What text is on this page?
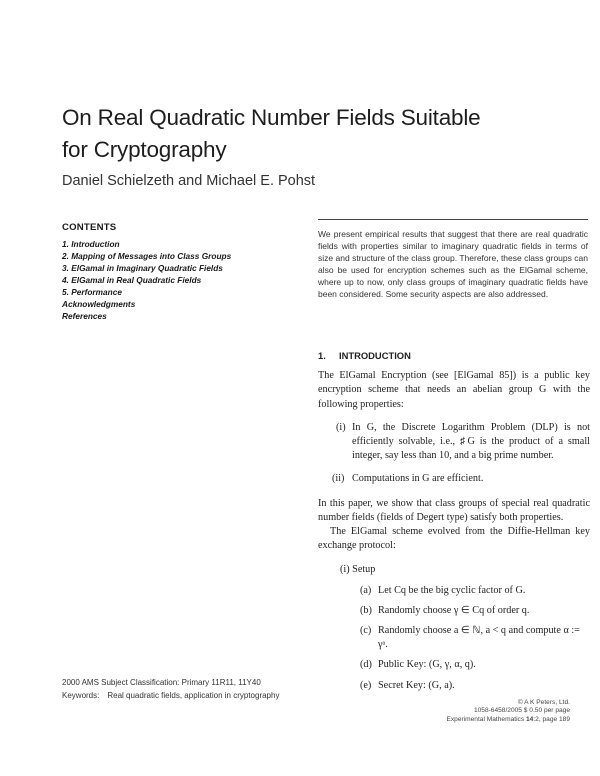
On Real Quadratic Number Fields Suitable
for Cryptography
Daniel Schielzeth and Michael E. Pohst
CONTENTS
1. Introduction
2. Mapping of Messages into Class Groups
3. ElGamal in Imaginary Quadratic Fields
4. ElGamal in Real Quadratic Fields
5. Performance
Acknowledgments
References
We present empirical results that suggest that there are real quadratic fields with properties similar to imaginary quadratic fields in terms of size and structure of the class group. Therefore, these class groups can also be used for encryption schemes such as the ElGamal scheme, where up to now, only class groups of imaginary quadratic fields have been considered. Some security aspects are also addressed.
1. INTRODUCTION
The ElGamal Encryption (see [ElGamal 85]) is a public key encryption scheme that needs an abelian group G with the following properties:
(i) In G, the Discrete Logarithm Problem (DLP) is not efficiently solvable, i.e., ♯G is the product of a small integer, say less than 10, and a big prime number.
(ii) Computations in G are efficient.
In this paper, we show that class groups of special real quadratic number fields (fields of Degert type) satisfy both properties.
The ElGamal scheme evolved from the Diffie-Hellman key exchange protocol:
(i) Setup
(a) Let Cq be the big cyclic factor of G.
(b) Randomly choose γ ∈ Cq of order q.
(c) Randomly choose a ∈ ℕ, a < q and compute α := γᵃ.
(d) Public Key: (G, γ, α, q).
(e) Secret Key: (G, a).
2000 AMS Subject Classification: Primary 11R11, 11Y40
Keywords: Real quadratic fields, application in cryptography
© A K Peters, Ltd.
1058-6458/2005 $ 0.50 per page
Experimental Mathematics 14:2, page 189
